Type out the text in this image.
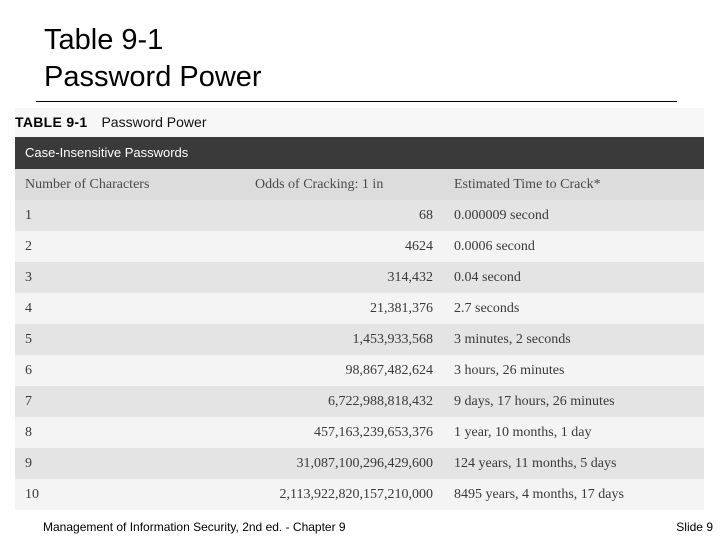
Table 9-1
Password Power
TABLE 9-1 Password Power
Case-Insensitive Passwords
Number of Characters	Odds of Cracking: 1 in	Estimated Time to Crack*
1	68	0.000009 second
2	4624	0.0006 second
3	314,432	0.04 second
4	21,381,376	2.7 seconds
5	1,453,933,568	3 minutes, 2 seconds
6	98,867,482,624	3 hours, 26 minutes
7	6,722,988,818,432	9 days, 17 hours, 26 minutes
8	457,163,239,653,376	1 year, 10 months, 1 day
9	31,087,100,296,429,600	124 years, 11 months, 5 days
10	2,113,922,820,157,210,000	8495 years, 4 months, 17 days
Management of Information Security, 2nd ed. - Chapter 9	Slide 9
